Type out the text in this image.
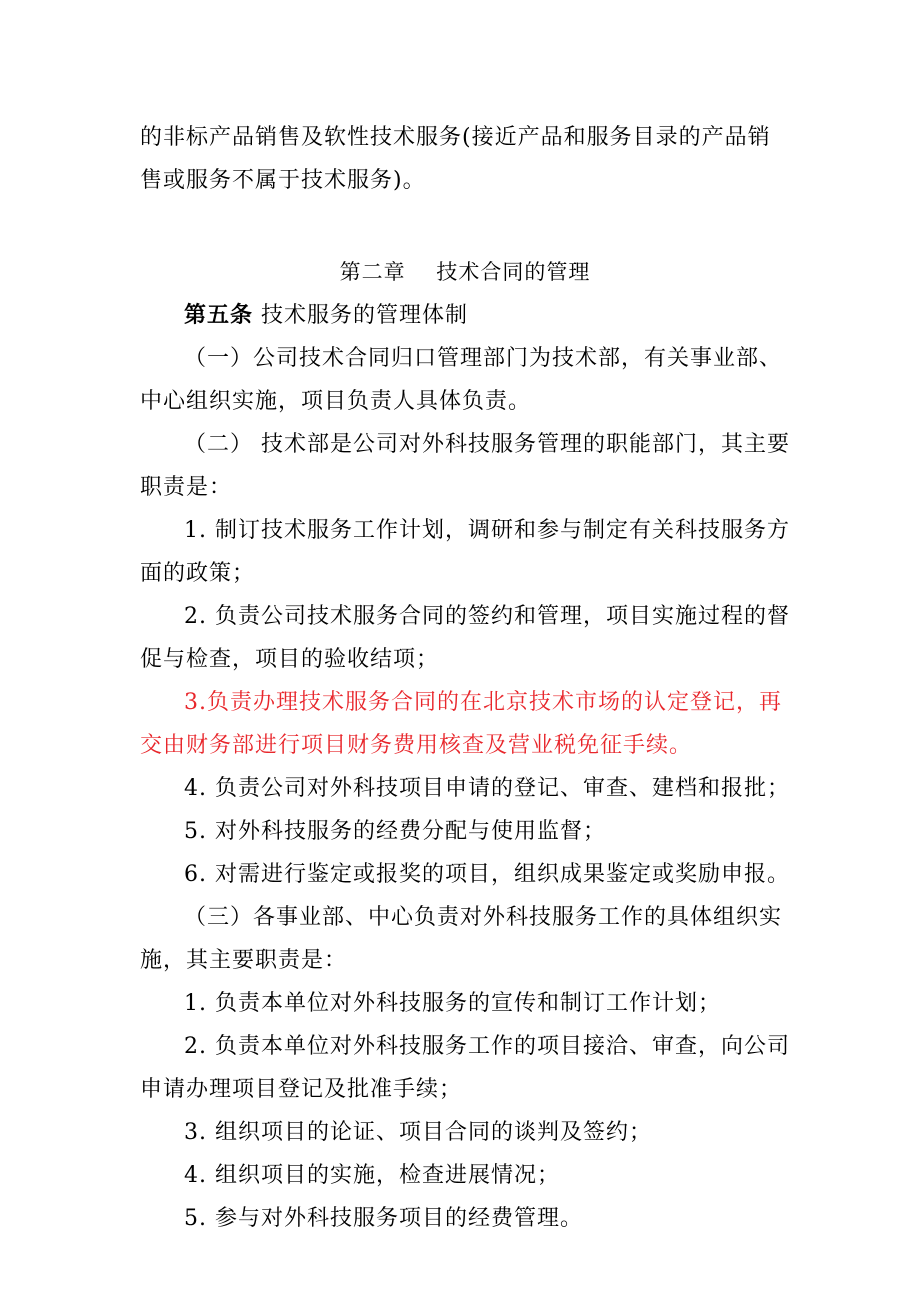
的非标产品销售及软性技术服务(接近产品和服务目录的产品销售或服务不属于技术服务)。

第二章    技术合同的管理

第五条 技术服务的管理体制

（一）公司技术合同归口管理部门为技术部，有关事业部、中心组织实施，项目负责人具体负责。

（二） 技术部是公司对外科技服务管理的职能部门，其主要职责是：

1. 制订技术服务工作计划，调研和参与制定有关科技服务方面的政策；

2. 负责公司技术服务合同的签约和管理，项目实施过程的督促与检查，项目的验收结项；

3.负责办理技术服务合同的在北京技术市场的认定登记，再交由财务部进行项目财务费用核查及营业税免征手续。

4. 负责公司对外科技项目申请的登记、审查、建档和报批；

5. 对外科技服务的经费分配与使用监督；

6. 对需进行鉴定或报奖的项目，组织成果鉴定或奖励申报。

（三）各事业部、中心负责对外科技服务工作的具体组织实施，其主要职责是：

1. 负责本单位对外科技服务的宣传和制订工作计划；

2. 负责本单位对外科技服务工作的项目接洽、审查，向公司申请办理项目登记及批准手续；

3. 组织项目的论证、项目合同的谈判及签约；

4. 组织项目的实施，检查进展情况；

5. 参与对外科技服务项目的经费管理。
